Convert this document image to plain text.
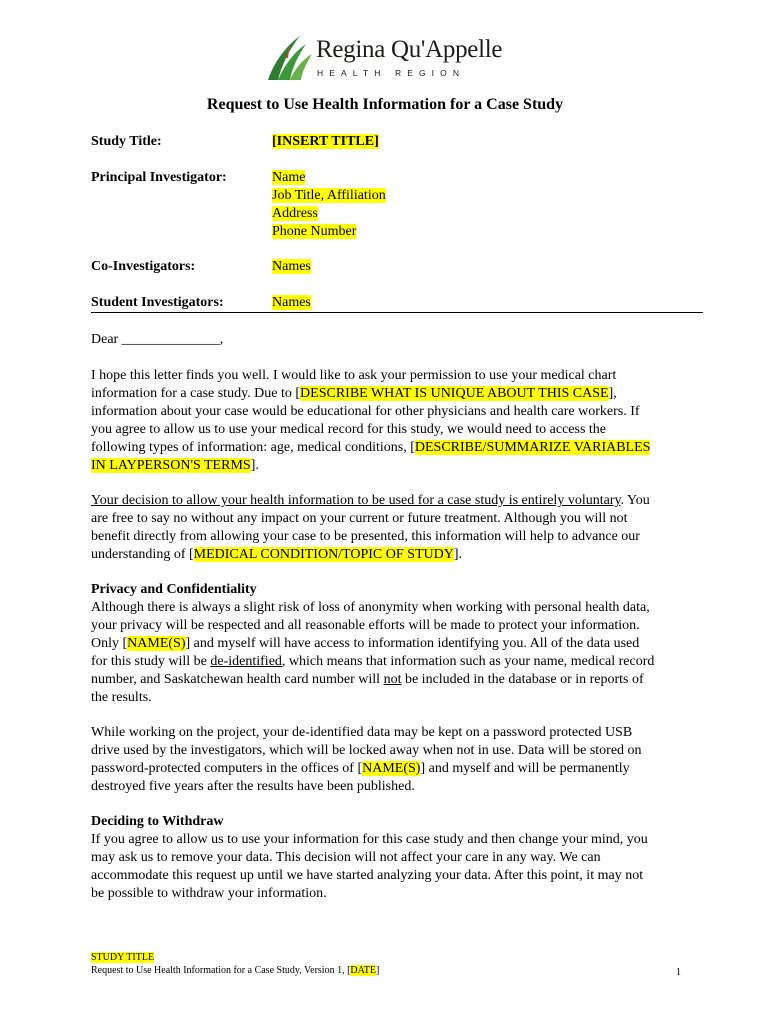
Regina Qu'Appelle
HEALTH REGION
Request to Use Health Information for a Case Study
Study Title:	[INSERT TITLE]
Principal Investigator:	Name
Job Title, Affiliation
Address
Phone Number
Co-Investigators:	Names
Student Investigators:	Names
Dear ______________,
I hope this letter finds you well. I would like to ask your permission to use your medical chart
information for a case study. Due to [DESCRIBE WHAT IS UNIQUE ABOUT THIS CASE],
information about your case would be educational for other physicians and health care workers. If
you agree to allow us to use your medical record for this study, we would need to access the
following types of information: age, medical conditions, [DESCRIBE/SUMMARIZE VARIABLES
IN LAYPERSON'S TERMS].
Your decision to allow your health information to be used for a case study is entirely voluntary. You
are free to say no without any impact on your current or future treatment. Although you will not
benefit directly from allowing your case to be presented, this information will help to advance our
understanding of [MEDICAL CONDITION/TOPIC OF STUDY].
Privacy and Confidentiality
Although there is always a slight risk of loss of anonymity when working with personal health data,
your privacy will be respected and all reasonable efforts will be made to protect your information.
Only [NAME(S)] and myself will have access to information identifying you. All of the data used
for this study will be de-identified, which means that information such as your name, medical record
number, and Saskatchewan health card number will not be included in the database or in reports of
the results.
While working on the project, your de-identified data may be kept on a password protected USB
drive used by the investigators, which will be locked away when not in use. Data will be stored on
password-protected computers in the offices of [NAME(S)] and myself and will be permanently
destroyed five years after the results have been published.
Deciding to Withdraw
If you agree to allow us to use your information for this case study and then change your mind, you
may ask us to remove your data. This decision will not affect your care in any way. We can
accommodate this request up until we have started analyzing your data. After this point, it may not
be possible to withdraw your information.
STUDY TITLE
Request to Use Health Information for a Case Study, Version 1, [DATE]	1
